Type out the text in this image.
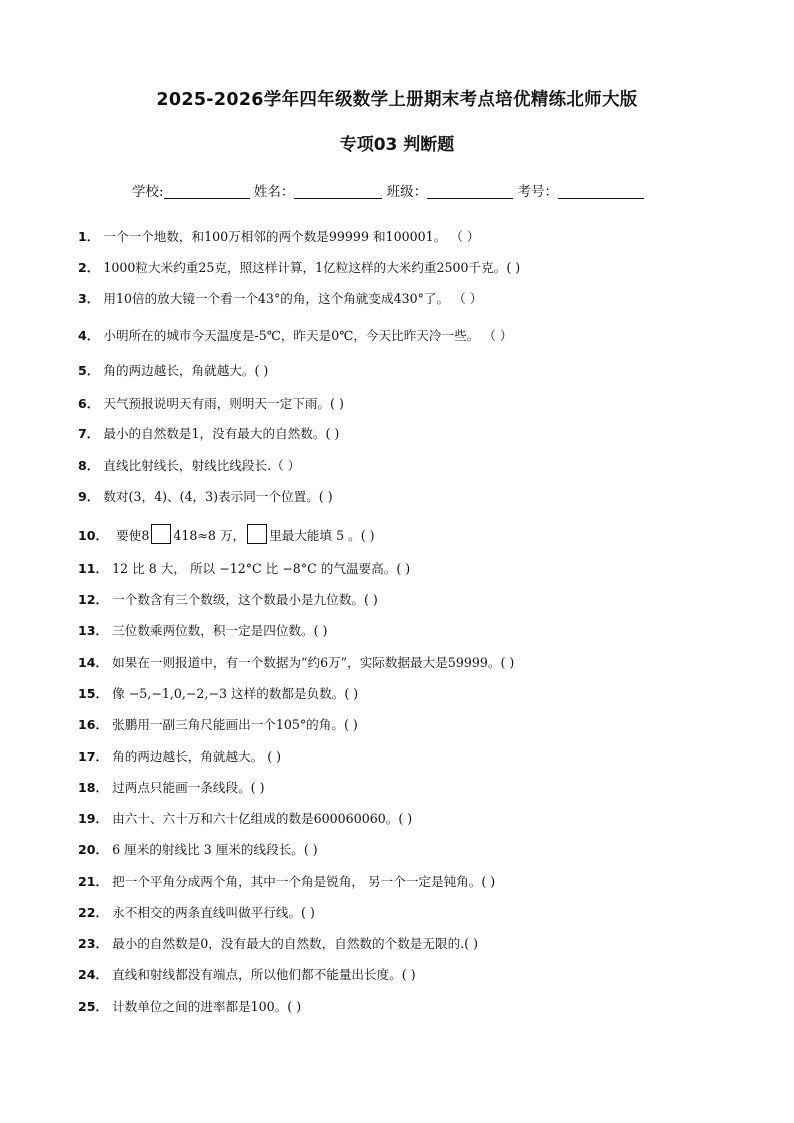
2025-2026学年四年级数学上册期末考点培优精练北师大版
专项03 判断题
学校:	姓名：	班级：	考号：
1． 一个一个地数，和100万相邻的两个数是99999 和100001。 （ ）
2． 1000粒大米约重25克，照这样计算，1亿粒这样的大米约重2500千克。( )
3． 用10倍的放大镜一个看一个43°的角，这个角就变成430°了。 （ ）
4． 小明所在的城市今天温度是-5℃，昨天是0℃，今天比昨天冷一些。 （ ）
5． 角的两边越长，角就越大。( )
6． 天气预报说明天有雨，则明天一定下雨。( )
7． 最小的自然数是1，没有最大的自然数。( )
8． 直线比射线长，射线比线段长.（ ）
9． 数对(3，4)、(4，3)表示同一个位置。( )
10． 要使8 418≈8 万， 里最大能填 5 。( )
11． 12 比 8 大， 所以 −12°C 比 −8°C 的气温要高。( )
12． 一个数含有三个数级，这个数最小是九位数。( )
13． 三位数乘两位数，积一定是四位数。( )
14． 如果在一则报道中，有一个数据为“约6万”，实际数据最大是59999。( )
15． 像 −5,−1,0,−2,−3 这样的数都是负数。( )
16． 张鹏用一副三角尺能画出一个105°的角。( )
17． 角的两边越长，角就越大。 ( )
18． 过两点只能画一条线段。( )
19． 由六十、六十万和六十亿组成的数是600060060。( )
20． 6 厘米的射线比 3 厘米的线段长。( )
21． 把一个平角分成两个角，其中一个角是锐角， 另一个一定是钝角。( )
22． 永不相交的两条直线叫做平行线。( )
23． 最小的自然数是0，没有最大的自然数，自然数的个数是无限的.( )
24． 直线和射线都没有端点，所以他们都不能量出长度。( )
25． 计数单位之间的进率都是100。( )
